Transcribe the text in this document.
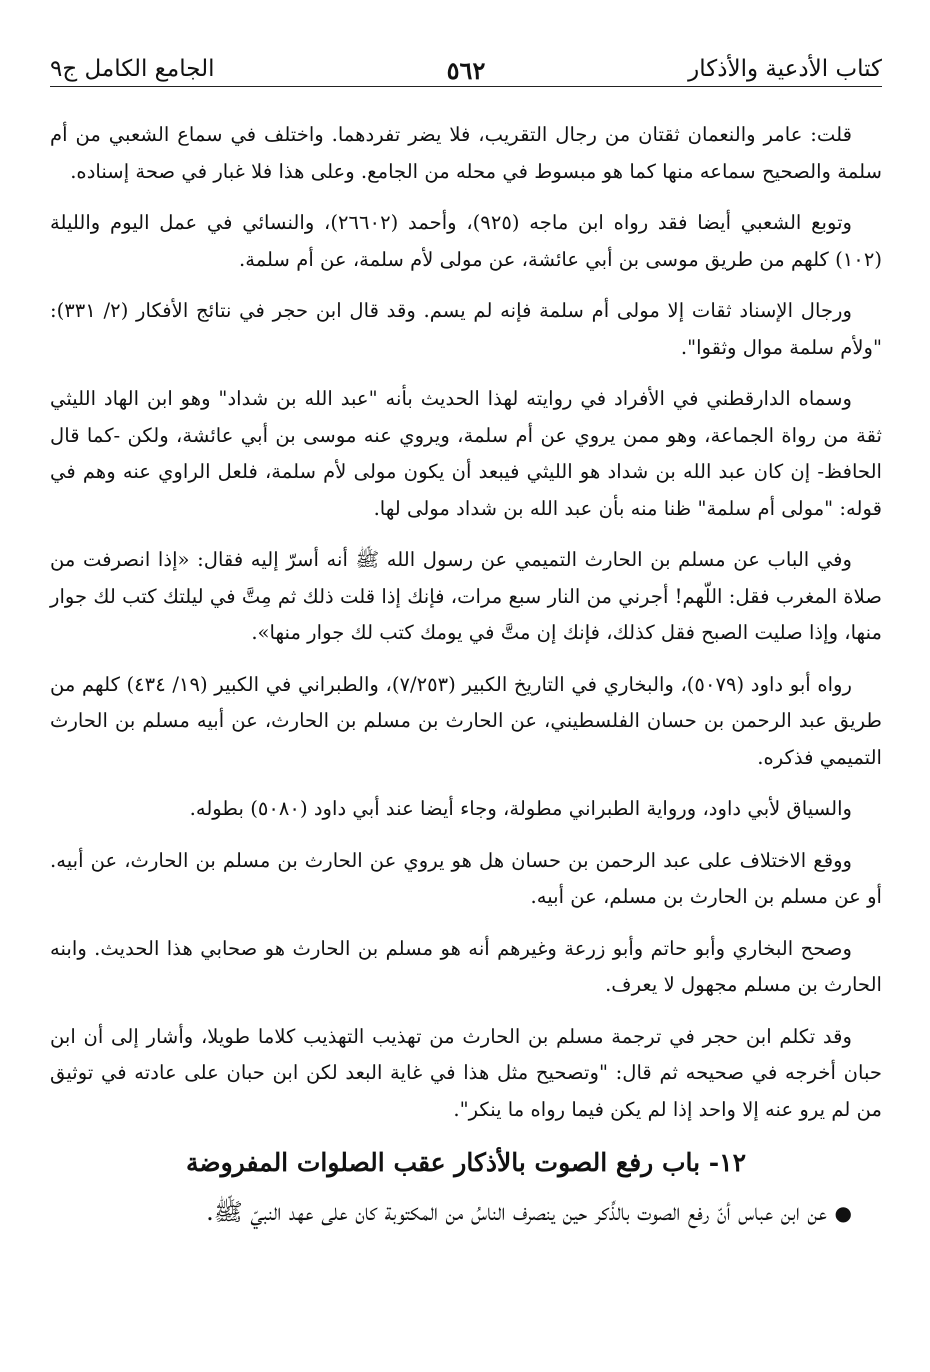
كتاب الأدعية والأذكار
٥٦٢
الجامع الكامل ج٩

قلت: عامر والنعمان ثقتان من رجال التقريب، فلا يضر تفردهما. واختلف في سماع الشعبي من أم سلمة والصحيح سماعه منها كما هو مبسوط في محله من الجامع. وعلى هذا فلا غبار في صحة إسناده.

وتوبع الشعبي أيضا فقد رواه ابن ماجه (٩٢٥)، وأحمد (٢٦٦٠٢)، والنسائي في عمل اليوم والليلة (١٠٢) كلهم من طريق موسى بن أبي عائشة، عن مولى لأم سلمة، عن أم سلمة.

ورجال الإسناد ثقات إلا مولى أم سلمة فإنه لم يسم. وقد قال ابن حجر في نتائج الأفكار (٢/ ٣٣١): "ولأم سلمة موال وثقوا".

وسماه الدارقطني في الأفراد في روايته لهذا الحديث بأنه "عبد الله بن شداد" وهو ابن الهاد الليثي ثقة من رواة الجماعة، وهو ممن يروي عن أم سلمة، ويروي عنه موسى بن أبي عائشة، ولكن -كما قال الحافظ- إن كان عبد الله بن شداد هو الليثي فيبعد أن يكون مولى لأم سلمة، فلعل الراوي عنه وهم في قوله: "مولى أم سلمة" ظنا منه بأن عبد الله بن شداد مولى لها.

وفي الباب عن مسلم بن الحارث التميمي عن رسول الله ﷺ أنه أسرّ إليه فقال: «إذا انصرفت من صلاة المغرب فقل: اللّهم! أجرني من النار سبع مرات، فإنك إذا قلت ذلك ثم مِتَّ في ليلتك كتب لك جوار منها، وإذا صليت الصبح فقل كذلك، فإنك إن متَّ في يومك كتب لك جوار منها».

رواه أبو داود (٥٠٧٩)، والبخاري في التاريخ الكبير (٧/٢٥٣)، والطبراني في الكبير (١٩/ ٤٣٤) كلهم من طريق عبد الرحمن بن حسان الفلسطيني، عن الحارث بن مسلم بن الحارث، عن أبيه مسلم بن الحارث التميمي فذكره.

والسياق لأبي داود، ورواية الطبراني مطولة، وجاء أيضا عند أبي داود (٥٠٨٠) بطوله.

ووقع الاختلاف على عبد الرحمن بن حسان هل هو يروي عن الحارث بن مسلم بن الحارث، عن أبيه. أو عن مسلم بن الحارث بن مسلم، عن أبيه.

وصحح البخاري وأبو حاتم وأبو زرعة وغيرهم أنه هو مسلم بن الحارث هو صحابي هذا الحديث. وابنه الحارث بن مسلم مجهول لا يعرف.

وقد تكلم ابن حجر في ترجمة مسلم بن الحارث من تهذيب التهذيب كلاما طويلا، وأشار إلى أن ابن حبان أخرجه في صحيحه ثم قال: "وتصحيح مثل هذا في غاية البعد لكن ابن حبان على عادته في توثيق من لم يرو عنه إلا واحد إذا لم يكن فيما رواه ما ينكر".

١٢- باب رفع الصوت بالأذكار عقب الصلوات المفروضة

● عن ابن عباس أنّ رفع الصوت بالذِّكر حين ينصرف الناسُ من المكتوبة كان على عهد النبيّ ﷺ.
